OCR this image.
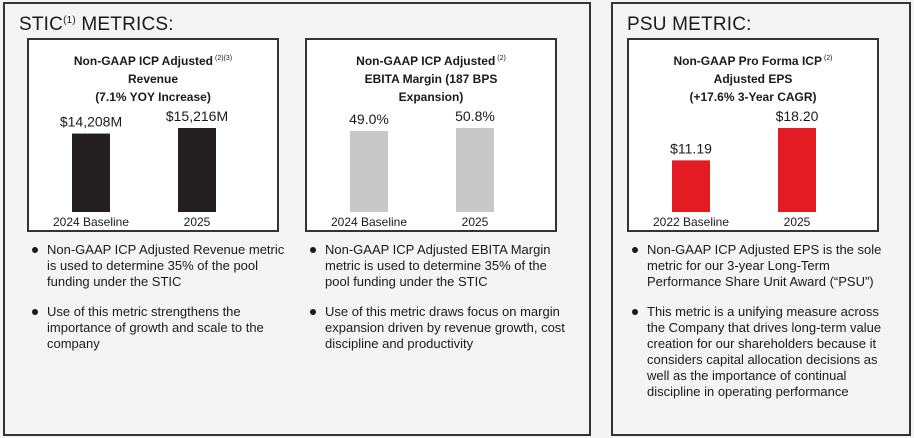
STIC$^{(1)}$ METRICS:
Non-GAAP ICP Adjusted $^{(2)(3)}$
Revenue
(7.1% YOY Increase)
$14,208M
2024 Baseline
$15,216M
2025
Non-GAAP ICP Adjusted $^{(2)}$
EBITA Margin (187 BPS
Expansion)
49.0%
2024 Baseline
50.8%
2025
Non-GAAP ICP Adjusted Revenue metric is used to determine 35% of the pool funding under the STIC
Use of this metric strengthens the importance of growth and scale to the company
Non-GAAP ICP Adjusted EBITA Margin metric is used to determine 35% of the pool funding under the STIC
Use of this metric draws focus on margin expansion driven by revenue growth, cost discipline and productivity
PSU METRIC:
Non-GAAP Pro Forma ICP $^{(2)}$
Adjusted EPS
(+17.6% 3-Year CAGR)
$11.19
2022 Baseline
$18.20
2025
Non-GAAP ICP Adjusted EPS is the sole metric for our 3-year Long-Term Performance Share Unit Award (“PSU”)
This metric is a unifying measure across the Company that drives long-term value creation for our shareholders because it considers capital allocation decisions as well as the importance of continual discipline in operating performance
